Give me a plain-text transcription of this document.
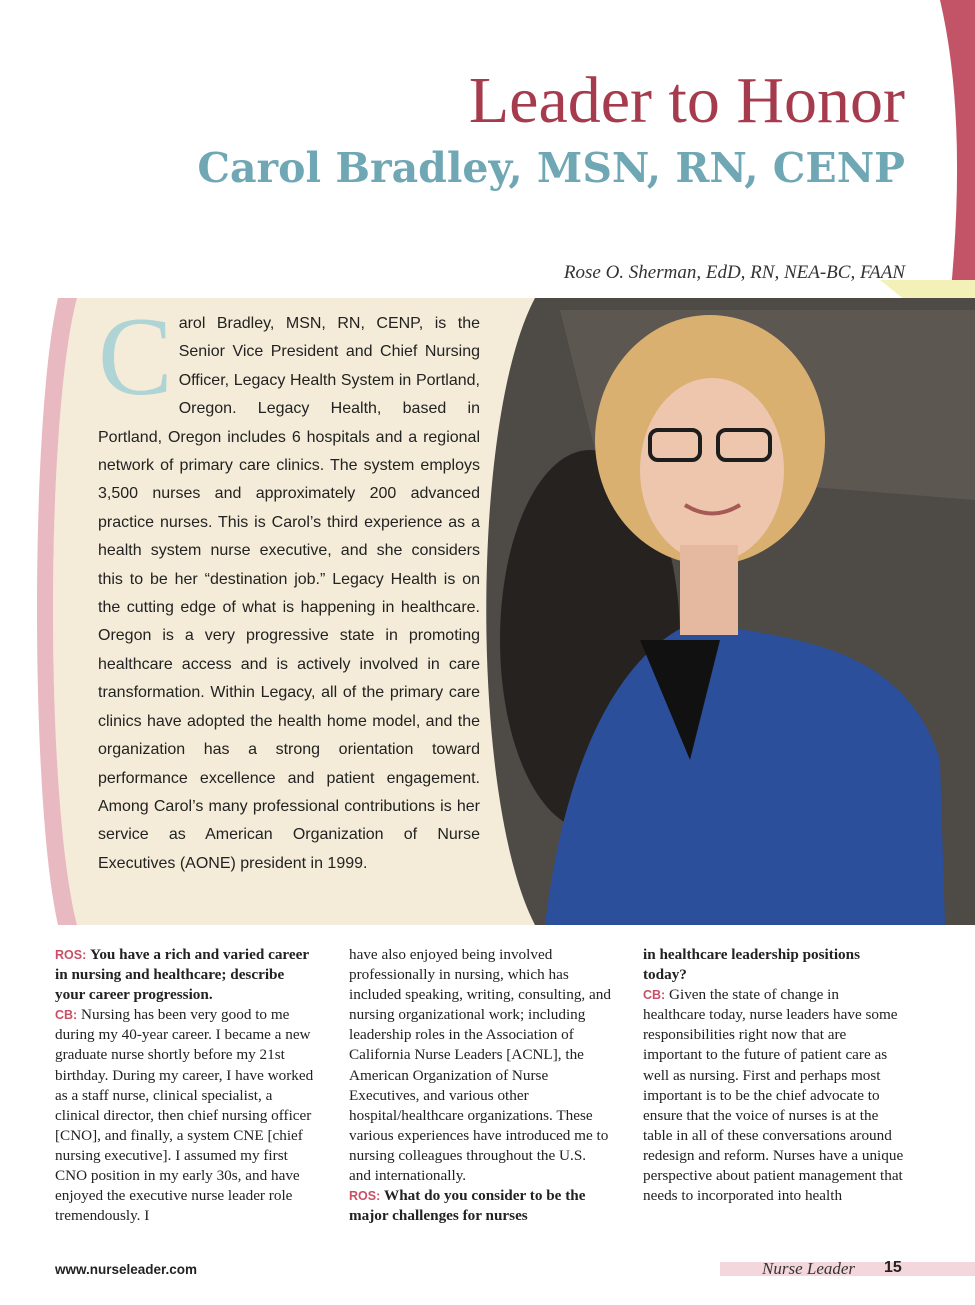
Leader to Honor
Carol Bradley, MSN, RN, CENP
Rose O. Sherman, EdD, RN, NEA-BC, FAAN

C arol Bradley, MSN, RN, CENP, is the Senior Vice President and Chief Nursing Officer, Legacy Health System in Portland, Oregon. Legacy Health, based in Portland, Oregon includes 6 hospitals and a regional network of primary care clinics. The system employs 3,500 nurses and approximately 200 advanced practice nurses. This is Carol’s third experience as a health system nurse executive, and she considers this to be her “destination job.” Legacy Health is on the cutting edge of what is happening in healthcare. Oregon is a very progressive state in promoting healthcare access and is actively involved in care transformation. Within Legacy, all of the primary care clinics have adopted the health home model, and the organization has a strong orientation toward performance excellence and patient engagement. Among Carol’s many professional contributions is her service as American Organization of Nurse Executives (AONE) president in 1999.

ROS: You have a rich and varied career in nursing and healthcare; describe your career progression.

CB: Nursing has been very good to me during my 40-year career. I became a new graduate nurse shortly before my 21st birthday. During my career, I have worked as a staff nurse, clinical specialist, a clinical director, then chief nursing officer [CNO], and finally, a system CNE [chief nursing executive]. I assumed my first CNO position in my early 30s, and have enjoyed the executive nurse leader role tremendously. I

have also enjoyed being involved professionally in nursing, which has included speaking, writing, consulting, and nursing organizational work; including leadership roles in the Association of California Nurse Leaders [ACNL], the American Organization of Nurse Executives, and various other hospital/healthcare organizations. These various experiences have introduced me to nursing colleagues throughout the U.S. and internationally.

ROS: What do you consider to be the major challenges for nurses

in healthcare leadership positions today?

CB: Given the state of change in healthcare today, nurse leaders have some responsibilities right now that are important to the future of patient care as well as nursing. First and perhaps most important is to be the chief advocate to ensure that the voice of nurses is at the table in all of these conversations around redesign and reform. Nurses have a unique perspective about patient management that needs to incorporated into health

www.nurseleader.com	Nurse Leader 15
